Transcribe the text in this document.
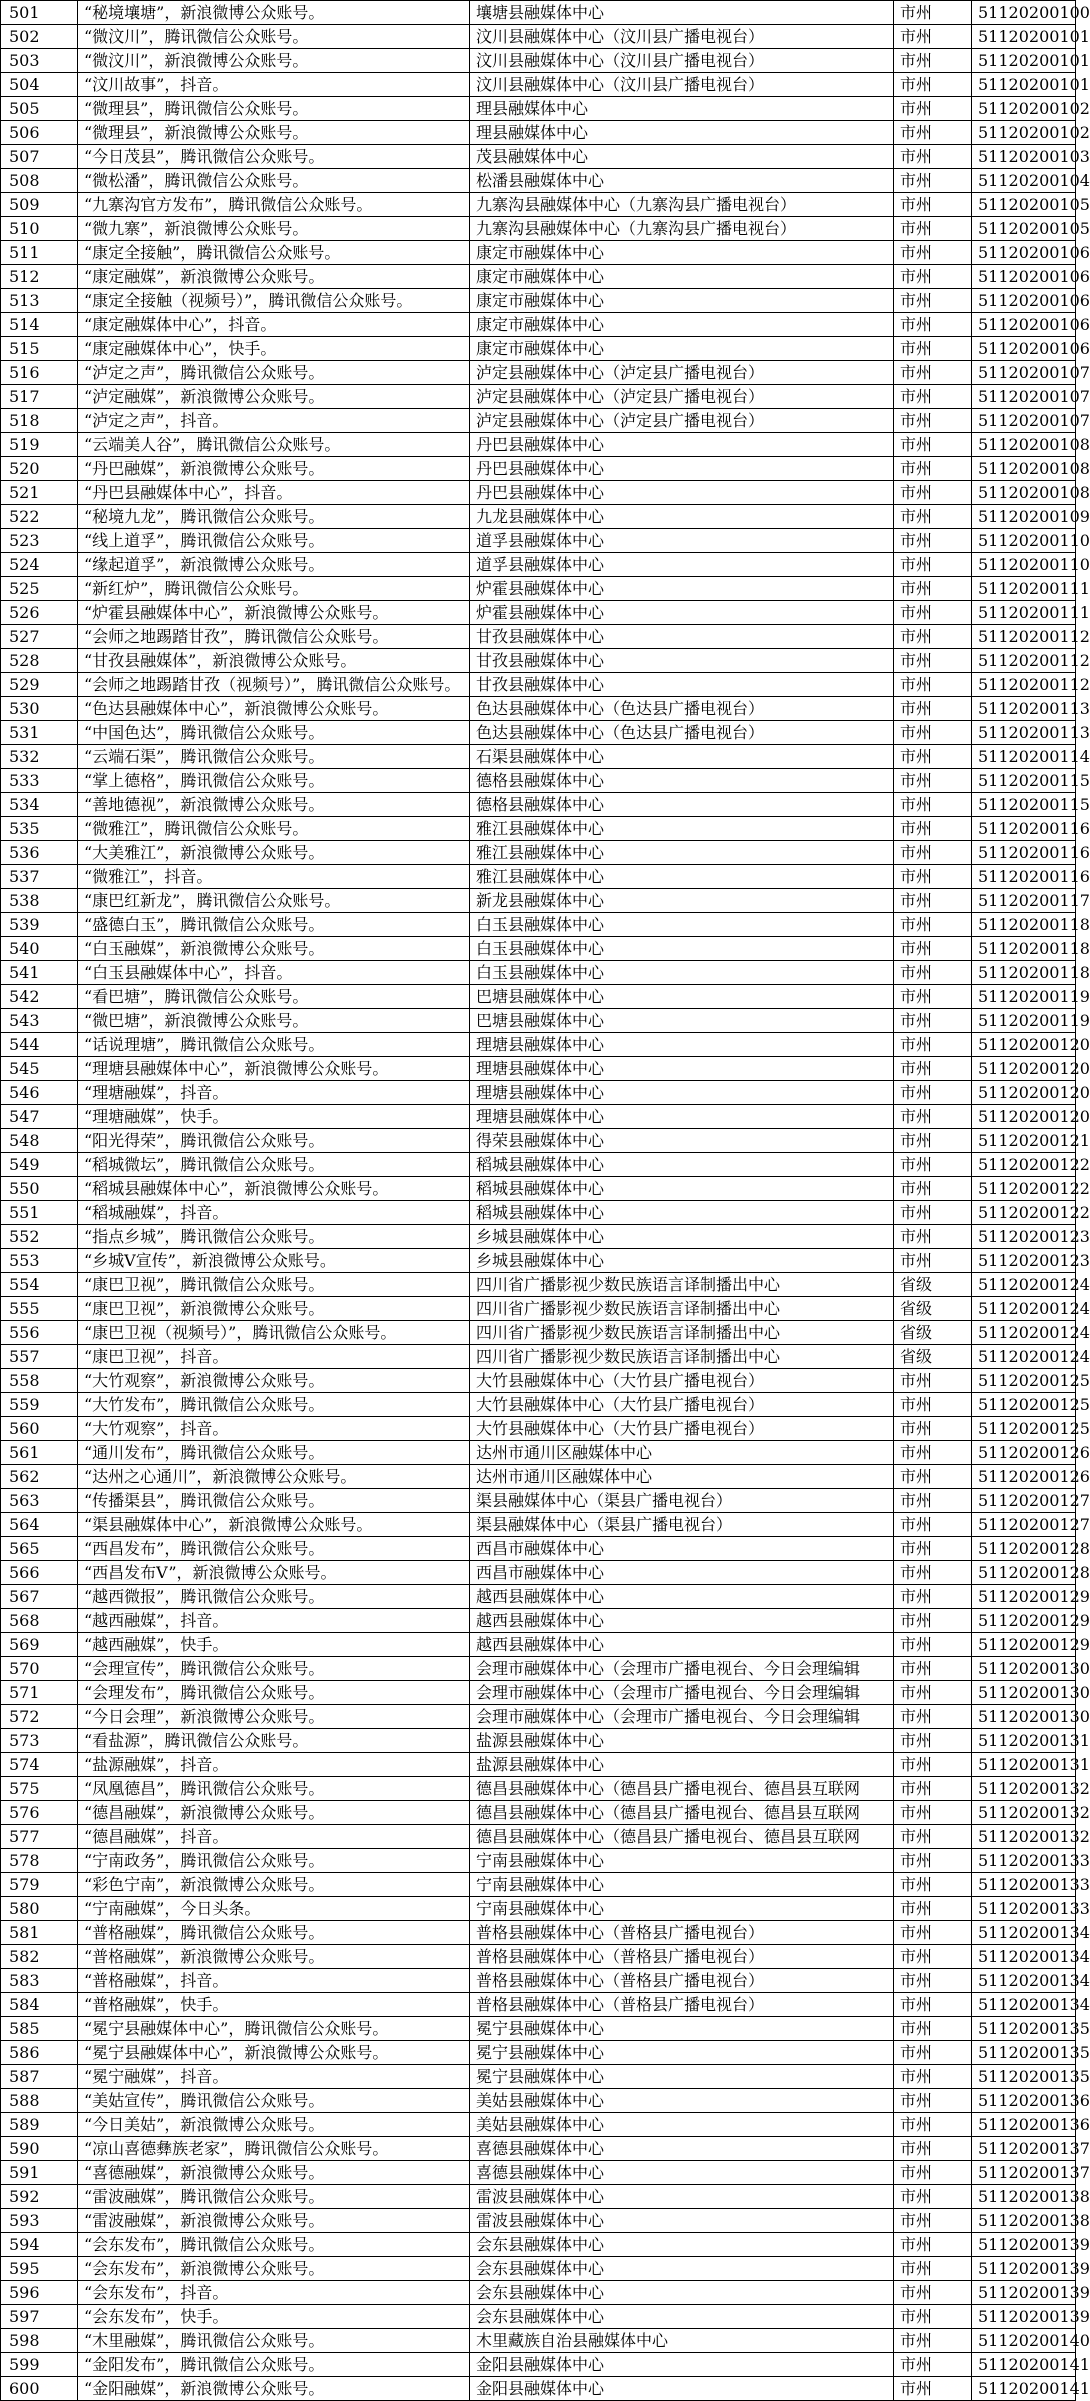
501	“秘境壤塘”，新浪微博公众账号。	壤塘县融媒体中心	市州	51120200100
502	“微汶川”，腾讯微信公众账号。	汶川县融媒体中心（汶川县广播电视台）	市州	51120200101
503	“微汶川”，新浪微博公众账号。	汶川县融媒体中心（汶川县广播电视台）	市州	51120200101
504	“汶川故事”，抖音。	汶川县融媒体中心（汶川县广播电视台）	市州	51120200101
505	“微理县”，腾讯微信公众账号。	理县融媒体中心	市州	51120200102
506	“微理县”，新浪微博公众账号。	理县融媒体中心	市州	51120200102
507	“今日茂县”，腾讯微信公众账号。	茂县融媒体中心	市州	51120200103
508	“微松潘”，腾讯微信公众账号。	松潘县融媒体中心	市州	51120200104
509	“九寨沟官方发布”，腾讯微信公众账号。	九寨沟县融媒体中心（九寨沟县广播电视台）	市州	51120200105
510	“微九寨”，新浪微博公众账号。	九寨沟县融媒体中心（九寨沟县广播电视台）	市州	51120200105
511	“康定全接触”，腾讯微信公众账号。	康定市融媒体中心	市州	51120200106
512	“康定融媒”，新浪微博公众账号。	康定市融媒体中心	市州	51120200106
513	“康定全接触（视频号）”，腾讯微信公众账号。	康定市融媒体中心	市州	51120200106
514	“康定融媒体中心”，抖音。	康定市融媒体中心	市州	51120200106
515	“康定融媒体中心”，快手。	康定市融媒体中心	市州	51120200106
516	“泸定之声”，腾讯微信公众账号。	泸定县融媒体中心（泸定县广播电视台）	市州	51120200107
517	“泸定融媒”，新浪微博公众账号。	泸定县融媒体中心（泸定县广播电视台）	市州	51120200107
518	“泸定之声”，抖音。	泸定县融媒体中心（泸定县广播电视台）	市州	51120200107
519	“云端美人谷”，腾讯微信公众账号。	丹巴县融媒体中心	市州	51120200108
520	“丹巴融媒”，新浪微博公众账号。	丹巴县融媒体中心	市州	51120200108
521	“丹巴县融媒体中心”，抖音。	丹巴县融媒体中心	市州	51120200108
522	“秘境九龙”，腾讯微信公众账号。	九龙县融媒体中心	市州	51120200109
523	“线上道孚”，腾讯微信公众账号。	道孚县融媒体中心	市州	51120200110
524	“缘起道孚”，新浪微博公众账号。	道孚县融媒体中心	市州	51120200110
525	“新红炉”，腾讯微信公众账号。	炉霍县融媒体中心	市州	51120200111
526	“炉霍县融媒体中心”，新浪微博公众账号。	炉霍县融媒体中心	市州	51120200111
527	“会师之地踢踏甘孜”，腾讯微信公众账号。	甘孜县融媒体中心	市州	51120200112
528	“甘孜县融媒体”，新浪微博公众账号。	甘孜县融媒体中心	市州	51120200112
529	“会师之地踢踏甘孜（视频号）”，腾讯微信公众账号。	甘孜县融媒体中心	市州	51120200112
530	“色达县融媒体中心”，新浪微博公众账号。	色达县融媒体中心（色达县广播电视台）	市州	51120200113
531	“中国色达”，腾讯微信公众账号。	色达县融媒体中心（色达县广播电视台）	市州	51120200113
532	“云端石渠”，腾讯微信公众账号。	石渠县融媒体中心	市州	51120200114
533	“掌上德格”，腾讯微信公众账号。	德格县融媒体中心	市州	51120200115
534	“善地德视”，新浪微博公众账号。	德格县融媒体中心	市州	51120200115
535	“微雅江”，腾讯微信公众账号。	雅江县融媒体中心	市州	51120200116
536	“大美雅江”，新浪微博公众账号。	雅江县融媒体中心	市州	51120200116
537	“微雅江”，抖音。	雅江县融媒体中心	市州	51120200116
538	“康巴红新龙”，腾讯微信公众账号。	新龙县融媒体中心	市州	51120200117
539	“盛德白玉”，腾讯微信公众账号。	白玉县融媒体中心	市州	51120200118
540	“白玉融媒”，新浪微博公众账号。	白玉县融媒体中心	市州	51120200118
541	“白玉县融媒体中心”，抖音。	白玉县融媒体中心	市州	51120200118
542	“看巴塘”，腾讯微信公众账号。	巴塘县融媒体中心	市州	51120200119
543	“微巴塘”，新浪微博公众账号。	巴塘县融媒体中心	市州	51120200119
544	“话说理塘”，腾讯微信公众账号。	理塘县融媒体中心	市州	51120200120
545	“理塘县融媒体中心”，新浪微博公众账号。	理塘县融媒体中心	市州	51120200120
546	“理塘融媒”，抖音。	理塘县融媒体中心	市州	51120200120
547	“理塘融媒”，快手。	理塘县融媒体中心	市州	51120200120
548	“阳光得荣”，腾讯微信公众账号。	得荣县融媒体中心	市州	51120200121
549	“稻城微坛”，腾讯微信公众账号。	稻城县融媒体中心	市州	51120200122
550	“稻城县融媒体中心”，新浪微博公众账号。	稻城县融媒体中心	市州	51120200122
551	“稻城融媒”，抖音。	稻城县融媒体中心	市州	51120200122
552	“指点乡城”，腾讯微信公众账号。	乡城县融媒体中心	市州	51120200123
553	“乡城V宣传”，新浪微博公众账号。	乡城县融媒体中心	市州	51120200123
554	“康巴卫视”，腾讯微信公众账号。	四川省广播影视少数民族语言译制播出中心	省级	51120200124
555	“康巴卫视”，新浪微博公众账号。	四川省广播影视少数民族语言译制播出中心	省级	51120200124
556	“康巴卫视（视频号）”，腾讯微信公众账号。	四川省广播影视少数民族语言译制播出中心	省级	51120200124
557	“康巴卫视”，抖音。	四川省广播影视少数民族语言译制播出中心	省级	51120200124
558	“大竹观察”，新浪微博公众账号。	大竹县融媒体中心（大竹县广播电视台）	市州	51120200125
559	“大竹发布”，腾讯微信公众账号。	大竹县融媒体中心（大竹县广播电视台）	市州	51120200125
560	“大竹观察”，抖音。	大竹县融媒体中心（大竹县广播电视台）	市州	51120200125
561	“通川发布”，腾讯微信公众账号。	达州市通川区融媒体中心	市州	51120200126
562	“达州之心通川”，新浪微博公众账号。	达州市通川区融媒体中心	市州	51120200126
563	“传播渠县”，腾讯微信公众账号。	渠县融媒体中心（渠县广播电视台）	市州	51120200127
564	“渠县融媒体中心”，新浪微博公众账号。	渠县融媒体中心（渠县广播电视台）	市州	51120200127
565	“西昌发布”，腾讯微信公众账号。	西昌市融媒体中心	市州	51120200128
566	“西昌发布V”，新浪微博公众账号。	西昌市融媒体中心	市州	51120200128
567	“越西微报”，腾讯微信公众账号。	越西县融媒体中心	市州	51120200129
568	“越西融媒”，抖音。	越西县融媒体中心	市州	51120200129
569	“越西融媒”，快手。	越西县融媒体中心	市州	51120200129
570	“会理宣传”，腾讯微信公众账号。	会理市融媒体中心（会理市广播电视台、今日会理编辑	市州	51120200130
571	“会理发布”，腾讯微信公众账号。	会理市融媒体中心（会理市广播电视台、今日会理编辑	市州	51120200130
572	“今日会理”，新浪微博公众账号。	会理市融媒体中心（会理市广播电视台、今日会理编辑	市州	51120200130
573	“看盐源”，腾讯微信公众账号。	盐源县融媒体中心	市州	51120200131
574	“盐源融媒”，抖音。	盐源县融媒体中心	市州	51120200131
575	“凤凰德昌”，腾讯微信公众账号。	德昌县融媒体中心（德昌县广播电视台、德昌县互联网	市州	51120200132
576	“德昌融媒”，新浪微博公众账号。	德昌县融媒体中心（德昌县广播电视台、德昌县互联网	市州	51120200132
577	“德昌融媒”，抖音。	德昌县融媒体中心（德昌县广播电视台、德昌县互联网	市州	51120200132
578	“宁南政务”，腾讯微信公众账号。	宁南县融媒体中心	市州	51120200133
579	“彩色宁南”，新浪微博公众账号。	宁南县融媒体中心	市州	51120200133
580	“宁南融媒”，今日头条。	宁南县融媒体中心	市州	51120200133
581	“普格融媒”，腾讯微信公众账号。	普格县融媒体中心（普格县广播电视台）	市州	51120200134
582	“普格融媒”，新浪微博公众账号。	普格县融媒体中心（普格县广播电视台）	市州	51120200134
583	“普格融媒”，抖音。	普格县融媒体中心（普格县广播电视台）	市州	51120200134
584	“普格融媒”，快手。	普格县融媒体中心（普格县广播电视台）	市州	51120200134
585	“冕宁县融媒体中心”，腾讯微信公众账号。	冕宁县融媒体中心	市州	51120200135
586	“冕宁县融媒体中心”，新浪微博公众账号。	冕宁县融媒体中心	市州	51120200135
587	“冕宁融媒”，抖音。	冕宁县融媒体中心	市州	51120200135
588	“美姑宣传”，腾讯微信公众账号。	美姑县融媒体中心	市州	51120200136
589	“今日美姑”，新浪微博公众账号。	美姑县融媒体中心	市州	51120200136
590	“凉山喜德彝族老家”，腾讯微信公众账号。	喜德县融媒体中心	市州	51120200137
591	“喜德融媒”，新浪微博公众账号。	喜德县融媒体中心	市州	51120200137
592	“雷波融媒”，腾讯微信公众账号。	雷波县融媒体中心	市州	51120200138
593	“雷波融媒”，新浪微博公众账号。	雷波县融媒体中心	市州	51120200138
594	“会东发布”，腾讯微信公众账号。	会东县融媒体中心	市州	51120200139
595	“会东发布”，新浪微博公众账号。	会东县融媒体中心	市州	51120200139
596	“会东发布”，抖音。	会东县融媒体中心	市州	51120200139
597	“会东发布”，快手。	会东县融媒体中心	市州	51120200139
598	“木里融媒”，腾讯微信公众账号。	木里藏族自治县融媒体中心	市州	51120200140
599	“金阳发布”，腾讯微信公众账号。	金阳县融媒体中心	市州	51120200141
600	“金阳融媒”，新浪微博公众账号。	金阳县融媒体中心	市州	51120200141
